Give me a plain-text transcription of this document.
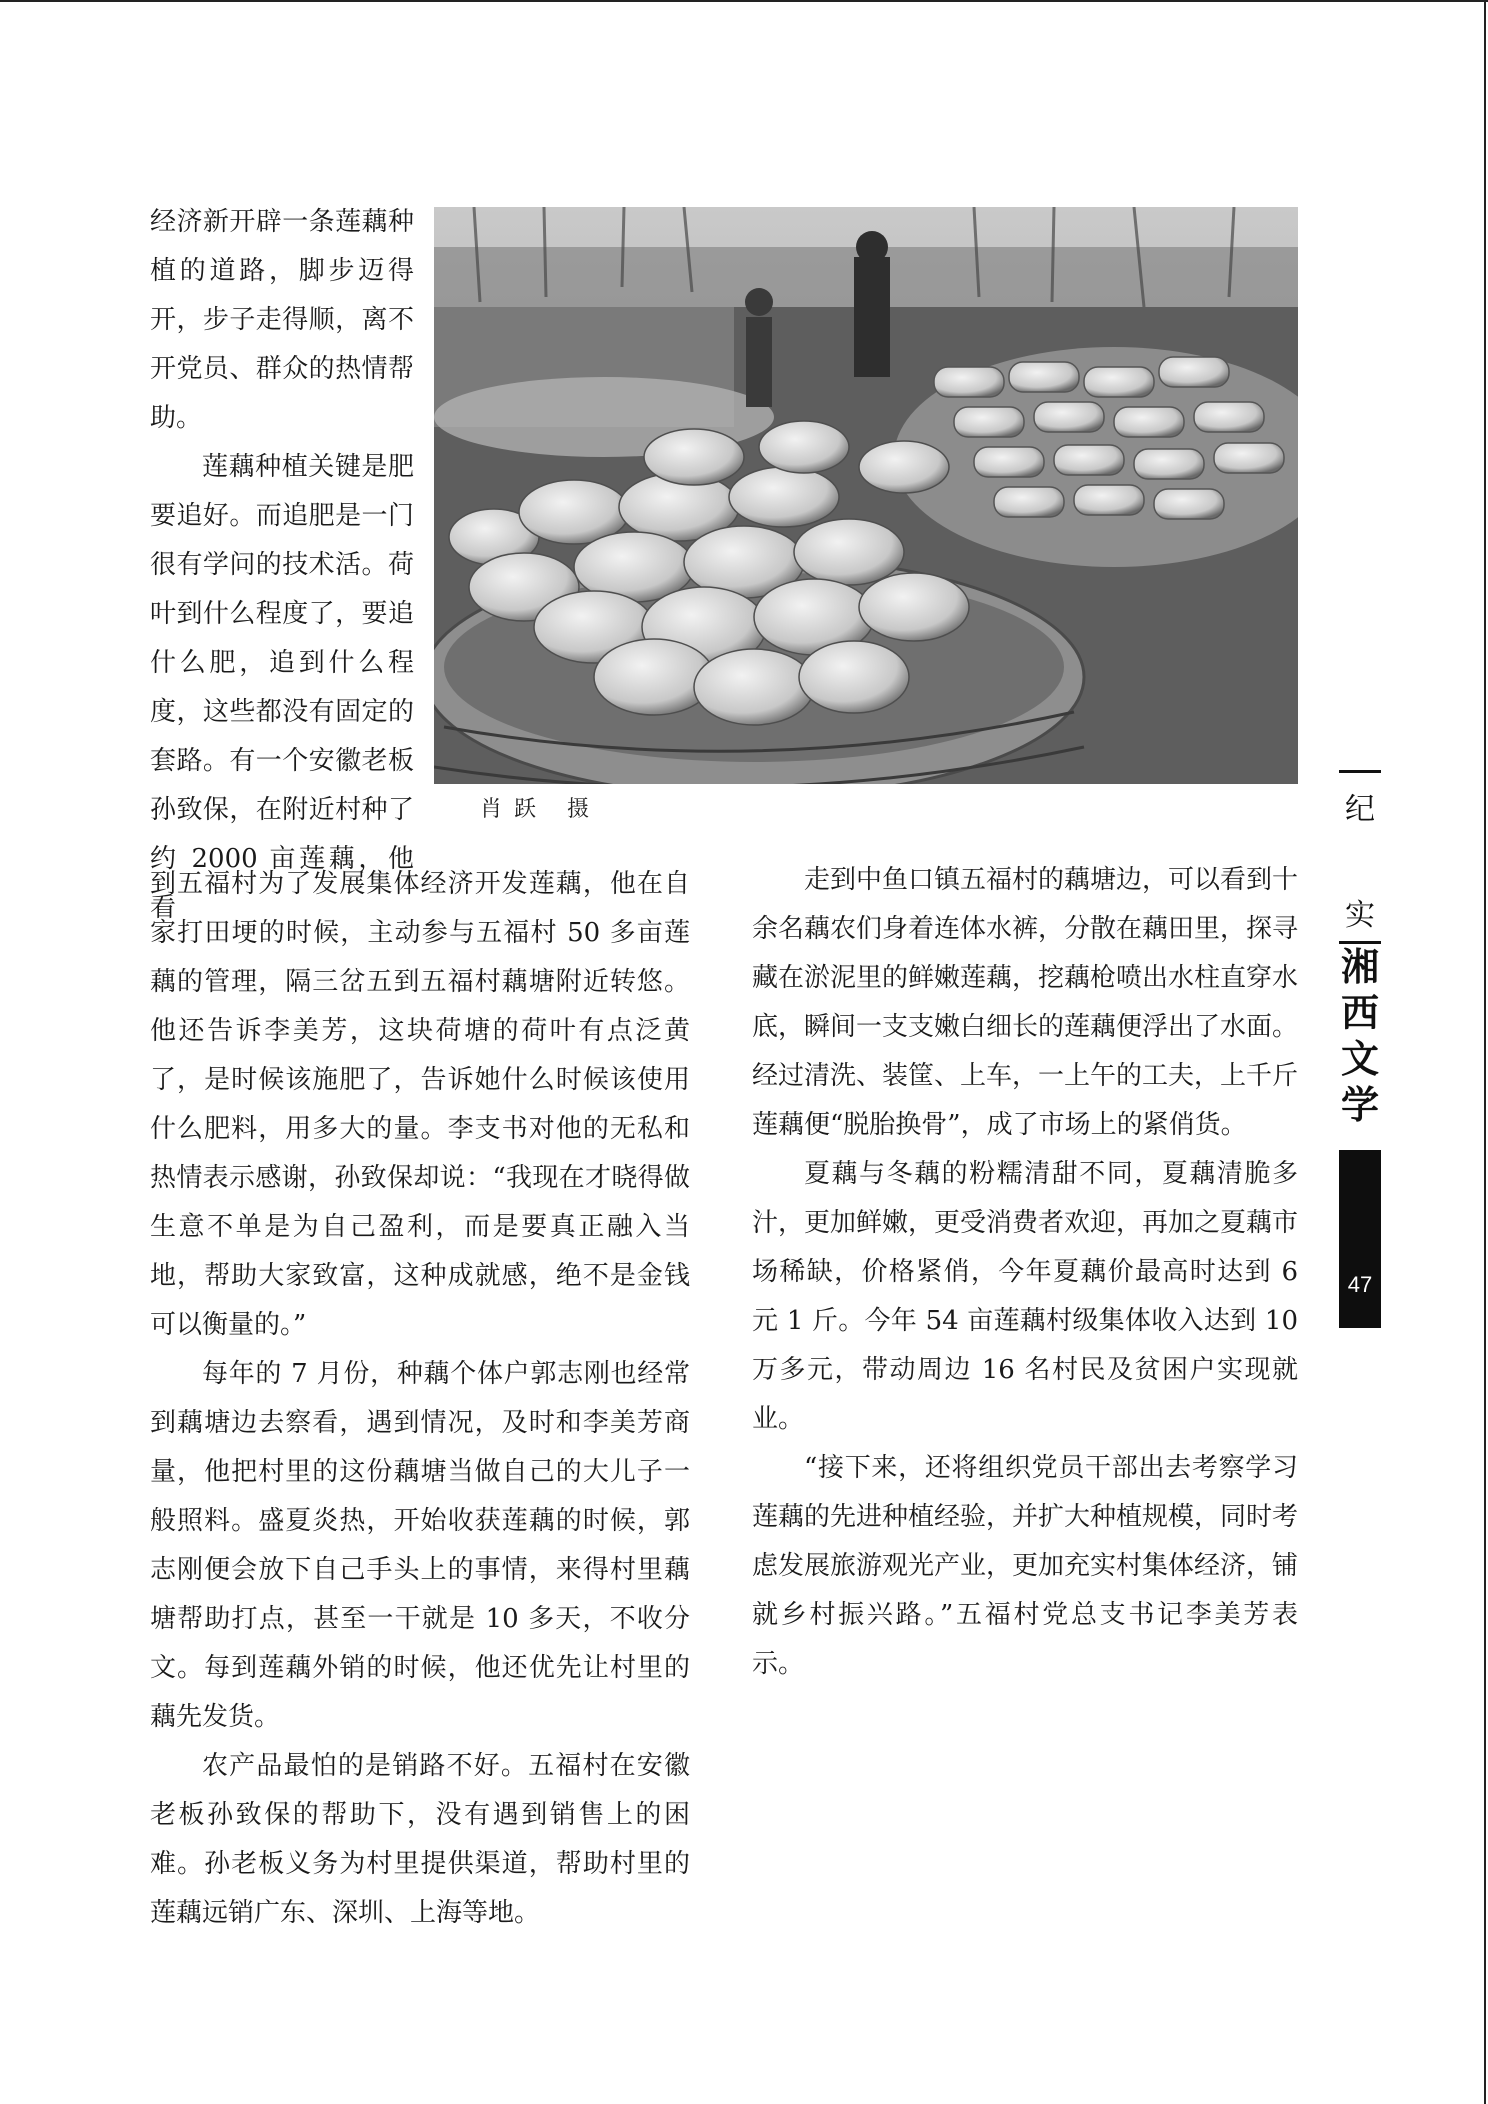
经济新开辟一条莲藕种植的道路，脚步迈得开，步子走得顺，离不开党员、群众的热情帮助。

莲藕种植关键是肥要追好。而追肥是一门很有学问的技术活。荷叶到什么程度了，要追什么肥，追到什么程度，这些都没有固定的套路。有一个安徽老板孙致保，在附近村种了约 2000 亩莲藕，他看

肖跃 摄

到五福村为了发展集体经济开发莲藕，他在自家打田埂的时候，主动参与五福村 50 多亩莲藕的管理，隔三岔五到五福村藕塘附近转悠。他还告诉李美芳，这块荷塘的荷叶有点泛黄了，是时候该施肥了，告诉她什么时候该使用什么肥料，用多大的量。李支书对他的无私和热情表示感谢，孙致保却说：“我现在才晓得做生意不单是为自己盈利，而是要真正融入当地，帮助大家致富，这种成就感，绝不是金钱可以衡量的。”

每年的 7 月份，种藕个体户郭志刚也经常到藕塘边去察看，遇到情况，及时和李美芳商量，他把村里的这份藕塘当做自己的大儿子一般照料。盛夏炎热，开始收获莲藕的时候，郭志刚便会放下自己手头上的事情，来得村里藕塘帮助打点，甚至一干就是 10 多天，不收分文。每到莲藕外销的时候，他还优先让村里的藕先发货。

农产品最怕的是销路不好。五福村在安徽老板孙致保的帮助下，没有遇到销售上的困难。孙老板义务为村里提供渠道，帮助村里的莲藕远销广东、深圳、上海等地。

走到中鱼口镇五福村的藕塘边，可以看到十余名藕农们身着连体水裤，分散在藕田里，探寻藏在淤泥里的鲜嫩莲藕，挖藕枪喷出水柱直穿水底，瞬间一支支嫩白细长的莲藕便浮出了水面。经过清洗、装筐、上车，一上午的工夫，上千斤莲藕便“脱胎换骨”，成了市场上的紧俏货。

夏藕与冬藕的粉糯清甜不同，夏藕清脆多汁，更加鲜嫩，更受消费者欢迎，再加之夏藕市场稀缺，价格紧俏，今年夏藕价最高时达到 6 元 1 斤。今年 54 亩莲藕村级集体收入达到 10 万多元，带动周边 16 名村民及贫困户实现就业。

“接下来，还将组织党员干部出去考察学习莲藕的先进种植经验，并扩大种植规模，同时考虑发展旅游观光产业，更加充实村集体经济，铺就乡村振兴路。”五福村党总支书记李美芳表示。

纪
实
湘西文学
47
